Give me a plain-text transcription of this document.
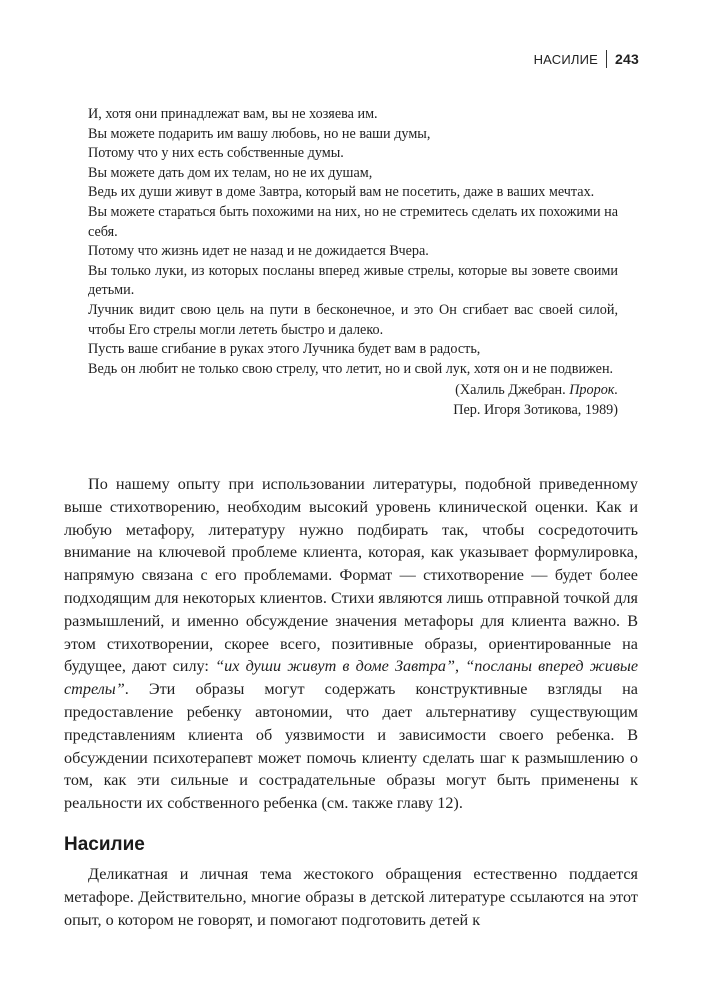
НАСИЛИЕ 243

И, хотя они принадлежат вам, вы не хозяева им.

Вы можете подарить им вашу любовь, но не ваши думы,

Потому что у них есть собственные думы.

Вы можете дать дом их телам, но не их душам,

Ведь их души живут в доме Завтра, который вам не посетить, даже в ваших мечтах.

Вы можете стараться быть похожими на них, но не стремитесь сделать их похожими на себя.

Потому что жизнь идет не назад и не дожидается Вчера.

Вы только луки, из которых посланы вперед живые стрелы, которые вы зовете своими детьми.

Лучник видит свою цель на пути в бесконечное, и это Он сгибает вас своей силой, чтобы Его стрелы могли лететь быстро и далеко.

Пусть ваше сгибание в руках этого Лучника будет вам в радость,

Ведь он любит не только свою стрелу, что летит, но и свой лук, хотя он и не подвижен.

(Халиль Джебран. Пророк.
Пер. Игоря Зотикова, 1989)

По нашему опыту при использовании литературы, подобной приведенному выше стихотворению, необходим высокий уровень клинической оценки. Как и любую метафору, литературу нужно подбирать так, чтобы сосредоточить внимание на ключевой проблеме клиента, которая, как указывает формулировка, напрямую связана с его проблемами. Формат — стихотворение — будет более подходящим для некоторых клиентов. Стихи являются лишь отправной точкой для размышлений, и именно обсуждение значения метафоры для клиента важно. В этом стихотворении, скорее всего, позитивные образы, ориентированные на будущее, дают силу: “их души живут в доме Завтра”, “посланы вперед живые стрелы”. Эти образы могут содержать конструктивные взгляды на предоставление ребенку автономии, что дает альтернативу существующим представлениям клиента об уязвимости и зависимости своего ребенка. В обсуждении психотерапевт может помочь клиенту сделать шаг к размышлению о том, как эти сильные и сострадательные образы могут быть применены к реальности их собственного ребенка (см. также главу 12).

Насилие

Деликатная и личная тема жестокого обращения естественно поддается метафоре. Действительно, многие образы в детской литературе ссылаются на этот опыт, о котором не говорят, и помогают подготовить детей к
